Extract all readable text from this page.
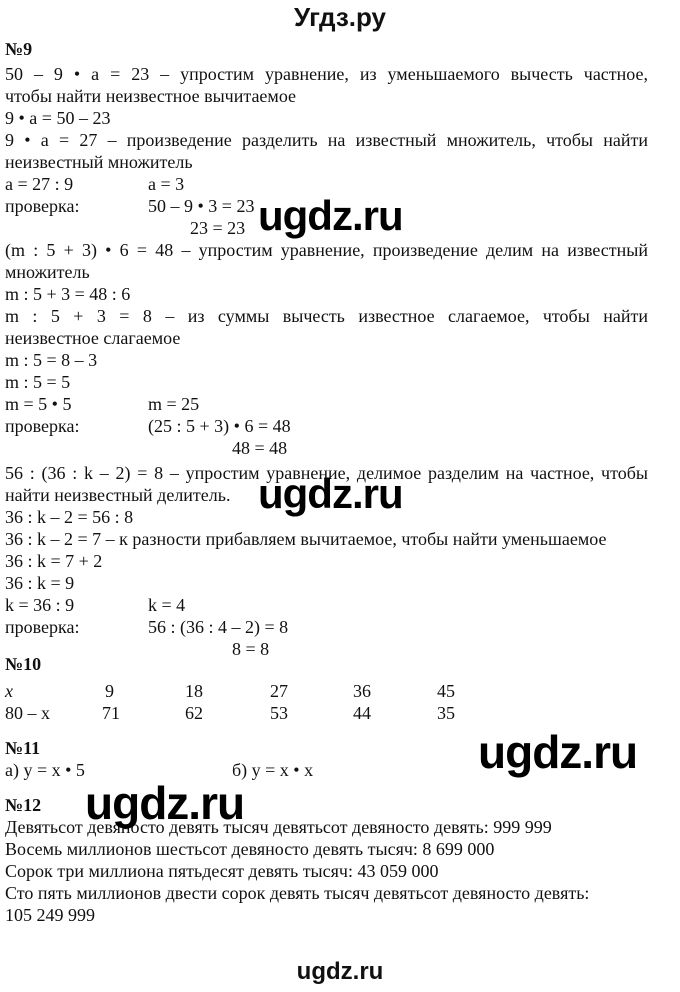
Угдз.ру
№9
50 – 9 • a = 23 – упростим уравнение, из уменьшаемого вычесть частное,
чтобы найти неизвестное вычитаемое
9 • a = 50 – 23
9 • a = 27 – произведение разделить на известный множитель, чтобы найти
неизвестный множитель
a = 27 : 9	a = 3
проверка:	50 – 9 • 3 = 23
23 = 23
(m : 5 + 3) • 6 = 48 – упростим уравнение, произведение делим на известный
множитель
m : 5 + 3 = 48 : 6
m : 5 + 3 = 8 – из суммы вычесть известное слагаемое, чтобы найти
неизвестное слагаемое
m : 5 = 8 – 3
m : 5 = 5
m = 5 • 5	m = 25
проверка:	(25 : 5 + 3) • 6 = 48
48 = 48
56 : (36 : k – 2) = 8 – упростим уравнение, делимое разделим на частное, чтобы
найти неизвестный делитель.
36 : k – 2 = 56 : 8
36 : k – 2 = 7 – к разности прибавляем вычитаемое, чтобы найти уменьшаемое
36 : k = 7 + 2
36 : k = 9
k = 36 : 9	k = 4
проверка:	56 : (36 : 4 – 2) = 8
8 = 8
№10
x	9	18	27	36	45
80 – x	71	62	53	44	35
№11
а) y = x • 5	б) y = x • x
№12
Девятьсот девяносто девять тысяч девятьсот девяносто девять: 999 999
Восемь миллионов шестьсот девяносто девять тысяч: 8 699 000
Сорок три миллиона пятьдесят девять тысяч: 43 059 000
Сто пять миллионов двести сорок девять тысяч девятьсот девяносто девять:
105 249 999
ugdz.ru
ugdz.ru
ugdz.ru
ugdz.ru
ugdz.ru
